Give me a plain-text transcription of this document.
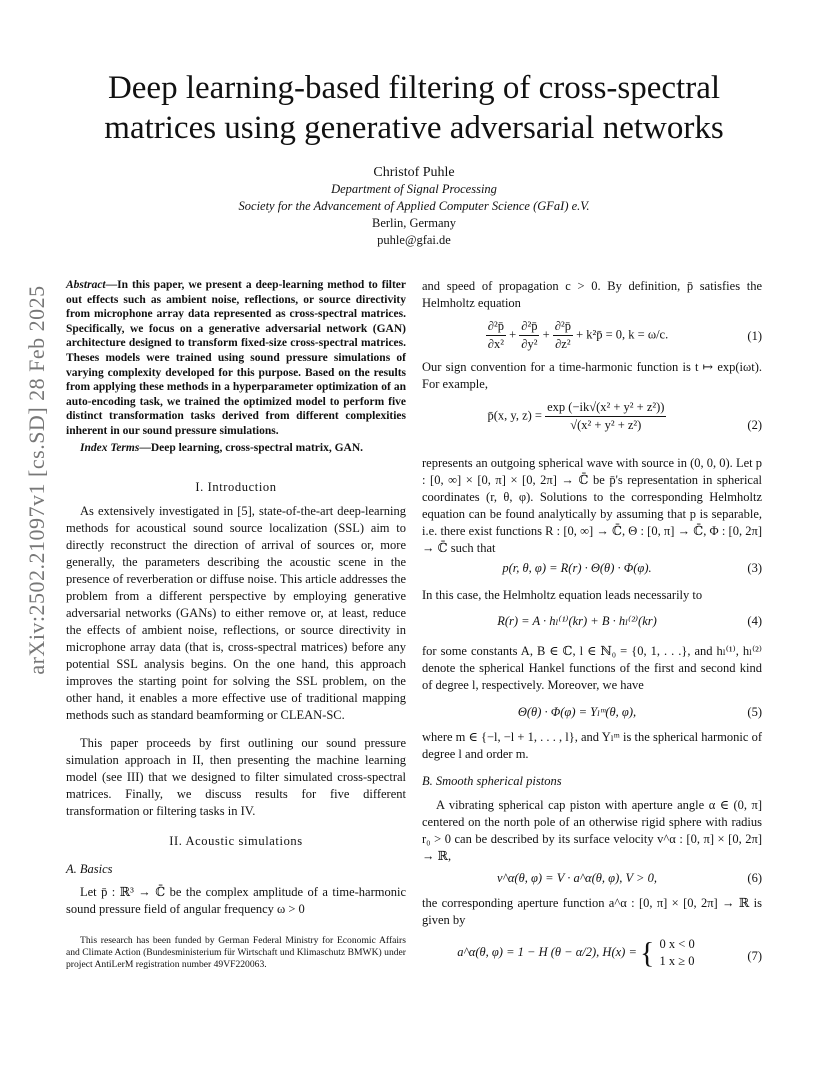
arXiv:2502.21097v1 [cs.SD] 28 Feb 2025
Deep learning-based filtering of cross-spectral matrices using generative adversarial networks
Christof Puhle
Department of Signal Processing
Society for the Advancement of Applied Computer Science (GFaI) e.V.
Berlin, Germany
puhle@gfai.de
Abstract—In this paper, we present a deep-learning method to filter out effects such as ambient noise, reflections, or source directivity from microphone array data represented as cross-spectral matrices. Specifically, we focus on a generative adversarial network (GAN) architecture designed to transform fixed-size cross-spectral matrices. Theses models were trained using sound pressure simulations of varying complexity developed for this purpose. Based on the results from applying these methods in a hyperparameter optimization of an auto-encoding task, we trained the optimized model to perform five distinct transformation tasks derived from different complexities inherent in our sound pressure simulations.
Index Terms—Deep learning, cross-spectral matrix, GAN.
I. Introduction
As extensively investigated in [5], state-of-the-art deep-learning methods for acoustical sound source localization (SSL) aim to directly reconstruct the direction of arrival of sources or, more generally, the parameters describing the acoustic scene in the presence of reverberation or diffuse noise. This article addresses the problem from a different perspective by employing generative adversarial networks (GANs) to either remove or, at least, reduce the effects of ambient noise, reflections, or source directivity in microphone array data (that is, cross-spectral matrices) before any potential SSL analysis begins. On the one hand, this approach improves the starting point for solving the SSL problem, on the other hand, it enables a more effective use of traditional mapping methods such as standard beamforming or CLEAN-SC.
This paper proceeds by first outlining our sound pressure simulation approach in II, then presenting the machine learning model (see III) that we designed to filter simulated cross-spectral matrices. Finally, we discuss results for five different transformation or filtering tasks in IV.
II. Acoustic simulations
A. Basics
Let p̄ : ℝ³ → ℂ̄ be the complex amplitude of a time-harmonic sound pressure field of angular frequency ω > 0
This research has been funded by German Federal Ministry for Economic Affairs and Climate Action (Bundesministerium für Wirtschaft und Klimaschutz BMWK) under project AntiLerM registration number 49VF220063.
and speed of propagation c > 0. By definition, p̄ satisfies the Helmholtz equation
$\frac{\text{∂²p̄}}{\text{∂x²}} + \frac{\text{∂²p̄}}{\text{∂y²}} + \frac{\text{∂²p̄}}{\text{∂z²}}$ + k²p̄ = 0, k = ω/c.	(1)
Our sign convention for a time-harmonic function is t ↦ exp(iωt). For example,
p̄(x, y, $z) = \frac{\text{exp (−ik√(x² + y² + z²))}}{\text{√(x² + y² + z²)}}$	(2)
represents an outgoing spherical wave with source in (0, 0, 0). Let p : [0, ∞] × [0, π] × [0, 2π] → ℂ̄ be p̄'s representation in spherical coordinates (r, θ, φ). Solutions to the corresponding Helmholtz equation can be found analytically by assuming that p is separable, i.e. there exist functions R : [0, ∞] → ℂ̄, Θ : [0, π] → ℂ̄, Φ : [0, 2π] → ℂ̄ such that
p(r, θ, φ) = R(r) · Θ(θ) · Φ(φ).	(3)
In this case, the Helmholtz equation leads necessarily to
R(r) = A · hₗ⁽¹⁾(kr) + B · hₗ⁽²⁾(kr)	(4)
for some constants A, B ∈ ℂ, l ∈ ℕ₀ = {0, 1, . . .}, and hₗ⁽¹⁾, hₗ⁽²⁾ denote the spherical Hankel functions of the first and second kind of degree l, respectively. Moreover, we have
Θ(θ) · Φ(φ) = Yₗᵐ(θ, φ),	(5)
where m ∈ {−l, −l + 1, . . . , l}, and Yₗᵐ is the spherical harmonic of degree l and order m.
B. Smooth spherical pistons
A vibrating spherical cap piston with aperture angle α ∈ (0, π] centered on the north pole of an otherwise rigid sphere with radius r₀ > 0 can be described by its surface velocity v^α : [0, π] × [0, 2π] → ℝ,
v^α(θ, φ) = V · a^α(θ, φ), V > 0,	(6)
the corresponding aperture function a^α : [0, π] × [0, 2π] → ℝ is given by
a^α(θ, φ) = 1 − H (θ − α/2), H(x) = { 0 x < 0
1 x ≥ 0	(7)
